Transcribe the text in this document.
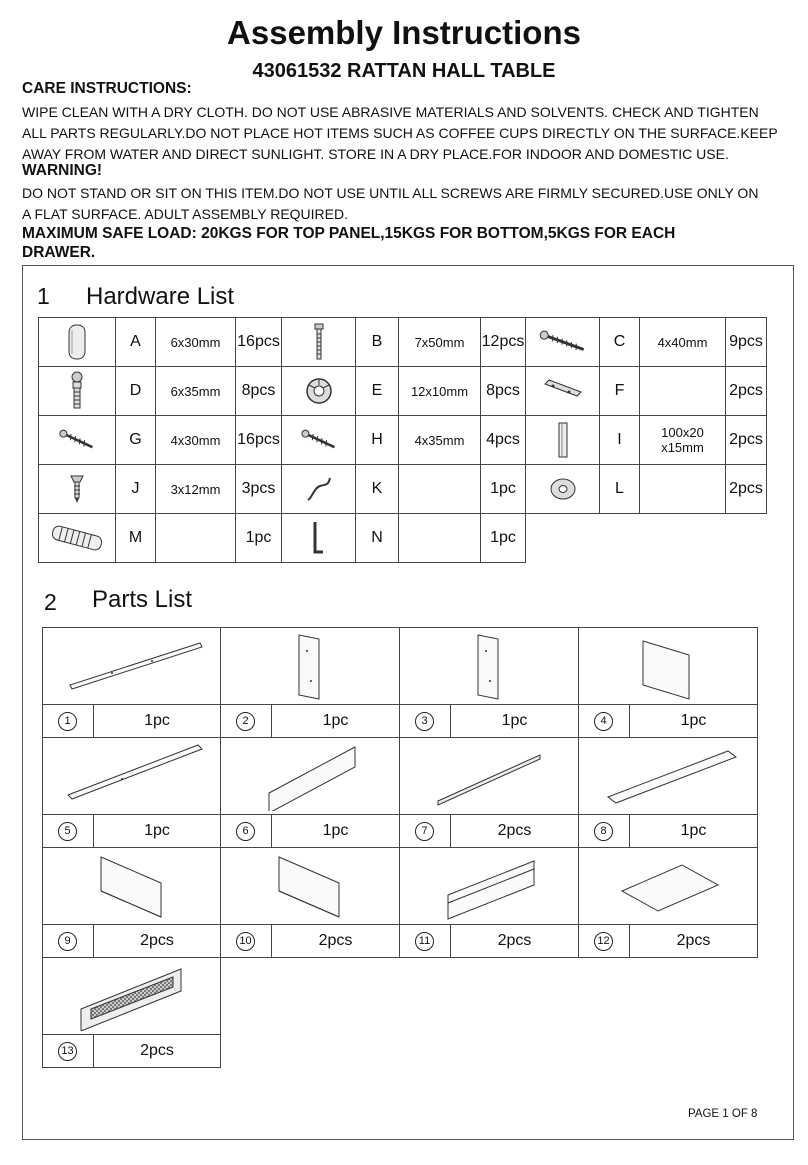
Assembly Instructions
43061532 RATTAN HALL TABLE
CARE INSTRUCTIONS:
WIPE CLEAN WITH A DRY CLOTH. DO NOT USE ABRASIVE MATERIALS AND SOLVENTS. CHECK AND TIGHTEN
ALL PARTS REGULARLY.DO NOT PLACE HOT ITEMS SUCH AS COFFEE CUPS DIRECTLY ON THE SURFACE.KEEP
AWAY FROM WATER AND DIRECT SUNLIGHT. STORE IN A DRY PLACE.FOR INDOOR AND DOMESTIC USE.
WARNING!
DO NOT STAND OR SIT ON THIS ITEM.DO NOT USE UNTIL ALL SCREWS ARE FIRMLY SECURED.USE ONLY ON
A FLAT SURFACE. ADULT ASSEMBLY REQUIRED.
MAXIMUM SAFE LOAD: 20KGS FOR TOP PANEL,15KGS FOR BOTTOM,5KGS FOR EACH
DRAWER.
1 Hardware List
	A	6x30mm	16pcs		B	7x50mm	12pcs		C	4x40mm	9pcs

	D	6x35mm	8pcs		E	12x10mm	8pcs		F		2pcs

	G	4x30mm	16pcs		H	4x35mm	4pcs		I	100x20
x15mm	2pcs

	J	3x12mm	3pcs		K		1pc		L		2pcs

	M		1pc		N		1pc				
2 Parts List

1	1pc	2	1pc	3	1pc	4	1pc

5	1pc	6	1pc	7	2pcs	8	1pc

9	2pcs	10	2pcs	11	2pcs	12	2pcs

13	2pcs						
PAGE 1 OF 8
